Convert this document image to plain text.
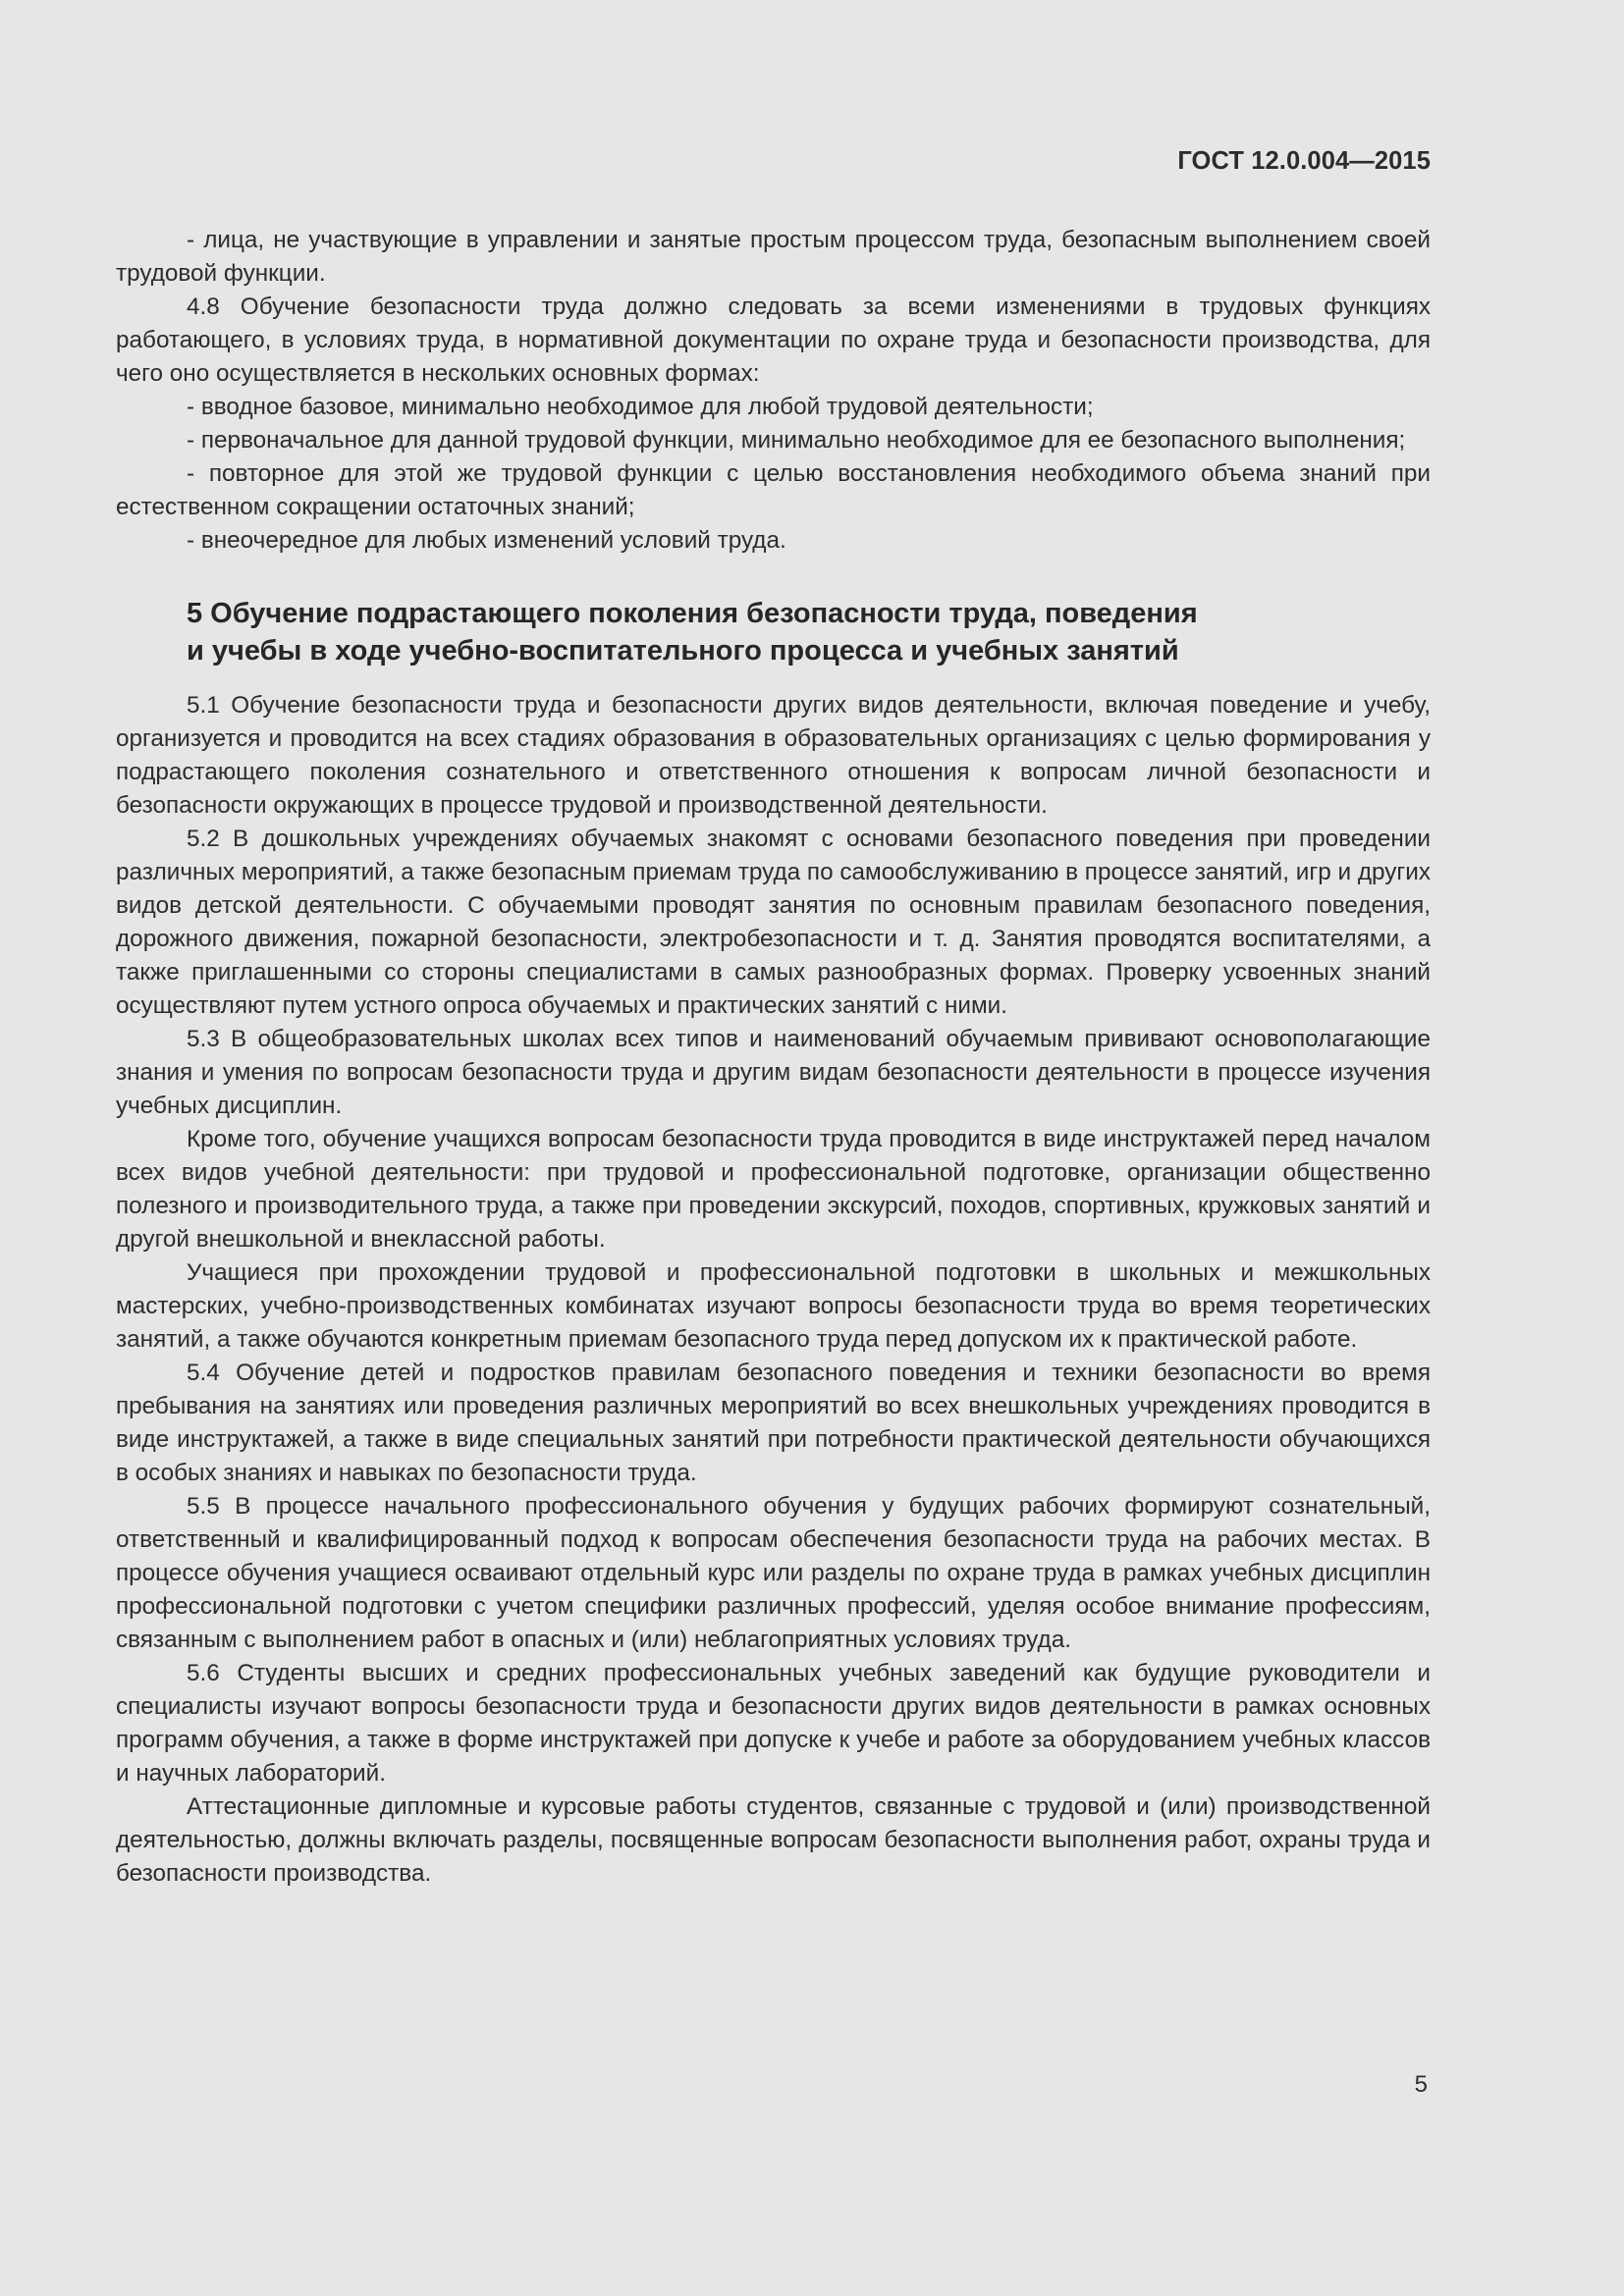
ГОСТ 12.0.004—2015

- лица, не участвующие в управлении и занятые простым процессом труда, безопасным выполнением своей трудовой функции.

4.8 Обучение безопасности труда должно следовать за всеми изменениями в трудовых функциях работающего, в условиях труда, в нормативной документации по охране труда и безопасности производства, для чего оно осуществляется в нескольких основных формах:

- вводное базовое, минимально необходимое для любой трудовой деятельности;

- первоначальное для данной трудовой функции, минимально необходимое для ее безопасного выполнения;

- повторное для этой же трудовой функции с целью восстановления необходимого объема знаний при естественном сокращении остаточных знаний;

- внеочередное для любых изменений условий труда.

5 Обучение подрастающего поколения безопасности труда, поведения
и учебы в ходе учебно-воспитательного процесса и учебных занятий

5.1 Обучение безопасности труда и безопасности других видов деятельности, включая поведение и учебу, организуется и проводится на всех стадиях образования в образовательных организациях с целью формирования у подрастающего поколения сознательного и ответственного отношения к вопросам личной безопасности и безопасности окружающих в процессе трудовой и производственной деятельности.

5.2 В дошкольных учреждениях обучаемых знакомят с основами безопасного поведения при проведении различных мероприятий, а также безопасным приемам труда по самообслуживанию в процессе занятий, игр и других видов детской деятельности. С обучаемыми проводят занятия по основным правилам безопасного поведения, дорожного движения, пожарной безопасности, электробезопасности и т. д. Занятия проводятся воспитателями, а также приглашенными со стороны специалистами в самых разнообразных формах. Проверку усвоенных знаний осуществляют путем устного опроса обучаемых и практических занятий с ними.

5.3 В общеобразовательных школах всех типов и наименований обучаемым прививают основополагающие знания и умения по вопросам безопасности труда и другим видам безопасности деятельности в процессе изучения учебных дисциплин.

Кроме того, обучение учащихся вопросам безопасности труда проводится в виде инструктажей перед началом всех видов учебной деятельности: при трудовой и профессиональной подготовке, организации общественно полезного и производительного труда, а также при проведении экскурсий, походов, спортивных, кружковых занятий и другой внешкольной и внеклассной работы.

Учащиеся при прохождении трудовой и профессиональной подготовки в школьных и межшкольных мастерских, учебно-производственных комбинатах изучают вопросы безопасности труда во время теоретических занятий, а также обучаются конкретным приемам безопасного труда перед допуском их к практической работе.

5.4 Обучение детей и подростков правилам безопасного поведения и техники безопасности во время пребывания на занятиях или проведения различных мероприятий во всех внешкольных учреждениях проводится в виде инструктажей, а также в виде специальных занятий при потребности практической деятельности обучающихся в особых знаниях и навыках по безопасности труда.

5.5 В процессе начального профессионального обучения у будущих рабочих формируют сознательный, ответственный и квалифицированный подход к вопросам обеспечения безопасности труда на рабочих местах. В процессе обучения учащиеся осваивают отдельный курс или разделы по охране труда в рамках учебных дисциплин профессиональной подготовки с учетом специфики различных профессий, уделяя особое внимание профессиям, связанным с выполнением работ в опасных и (или) неблагоприятных условиях труда.

5.6 Студенты высших и средних профессиональных учебных заведений как будущие руководители и специалисты изучают вопросы безопасности труда и безопасности других видов деятельности в рамках основных программ обучения, а также в форме инструктажей при допуске к учебе и работе за оборудованием учебных классов и научных лабораторий.

Аттестационные дипломные и курсовые работы студентов, связанные с трудовой и (или) производственной деятельностью, должны включать разделы, посвященные вопросам безопасности выполнения работ, охраны труда и безопасности производства.

5
